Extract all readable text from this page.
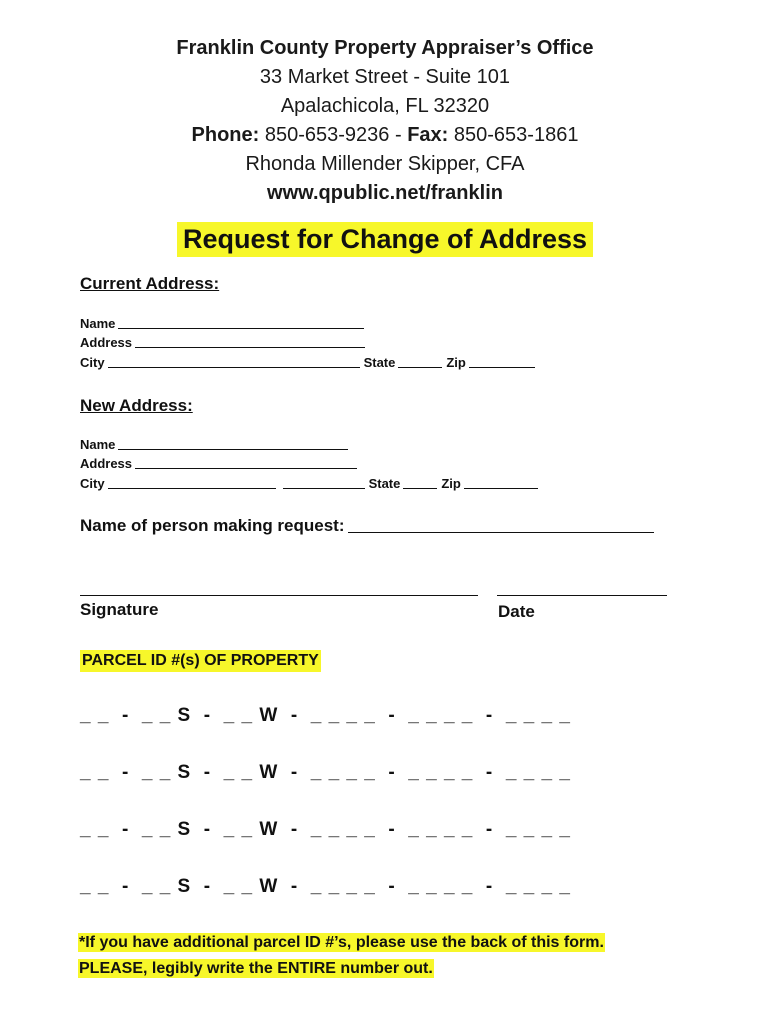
Franklin County Property Appraiser’s Office
33 Market Street - Suite 101
Apalachicola, FL 32320
Phone: 850-653-9236 - Fax: 850-653-1861
Rhonda Millender Skipper, CFA
www.qpublic.net/franklin
Request for Change of Address
Current Address:
Name
Address
City	State	Zip
New Address:
Name
Address
City	State	Zip
Name of person making request:
Signature	Date
PARCEL ID #(s) OF PROPERTY
_ _  -  _ _ S  -  _ _ W  -  _ _ _ _  -  _ _ _ _  -  _ _ _ _
_ _  -  _ _ S  -  _ _ W  -  _ _ _ _  -  _ _ _ _  -  _ _ _ _
_ _  -  _ _ S  -  _ _ W  -  _ _ _ _  -  _ _ _ _  -  _ _ _ _
_ _  -  _ _ S  -  _ _ W  -  _ _ _ _  -  _ _ _ _  -  _ _ _ _
*If you have additional parcel ID #’s, please use the back of this form.
PLEASE, legibly write the ENTIRE number out.
